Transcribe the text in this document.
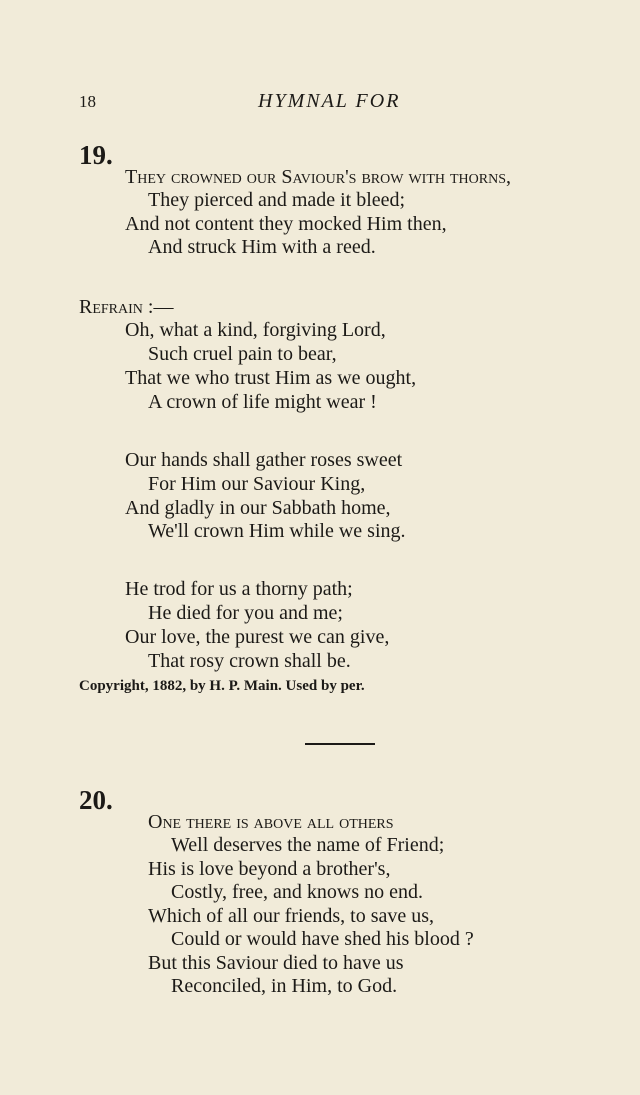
18	HYMNAL FOR
19.
They crowned our Saviour's brow with thorns,
They pierced and made it bleed;
And not content they mocked Him then,
And struck Him with a reed.
Refrain :—
Oh, what a kind, forgiving Lord,
Such cruel pain to bear,
That we who trust Him as we ought,
A crown of life might wear !
Our hands shall gather roses sweet
For Him our Saviour King,
And gladly in our Sabbath home,
We'll crown Him while we sing.
He trod for us a thorny path;
He died for you and me;
Our love, the purest we can give,
That rosy crown shall be.
Copyright, 1882, by H. P. Main. Used by per.
20.
One there is above all others
Well deserves the name of Friend;
His is love beyond a brother's,
Costly, free, and knows no end.
Which of all our friends, to save us,
Could or would have shed his blood ?
But this Saviour died to have us
Reconciled, in Him, to God.
